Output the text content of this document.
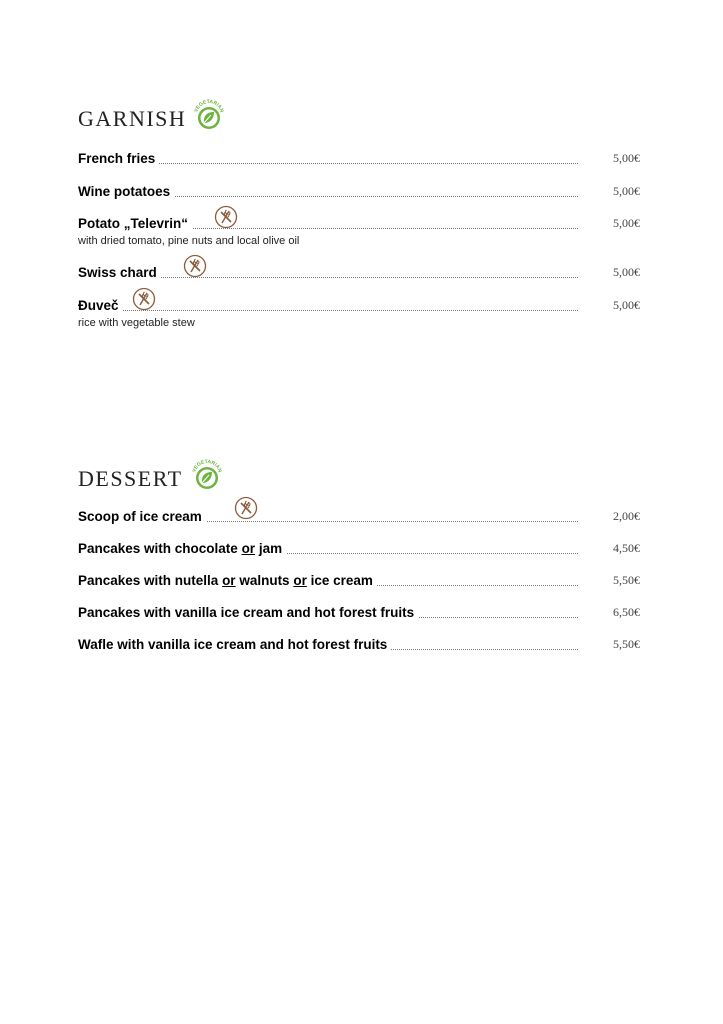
GARNISH VEGETARIAN
French fries	5,00€
Wine potatoes	5,00€
Potato „Televrin“	5,00€
with dried tomato, pine nuts and local olive oil
Swiss chard	5,00€
Đuveč	5,00€
rice with vegetable stew
DESSERT VEGETARIAN
Scoop of ice cream	2,00€
Pancakes with chocolate or jam	4,50€
Pancakes with nutella or walnuts or ice cream	5,50€
Pancakes with vanilla ice cream and hot forest fruits	6,50€
Wafle with vanilla ice cream and hot forest fruits	5,50€
